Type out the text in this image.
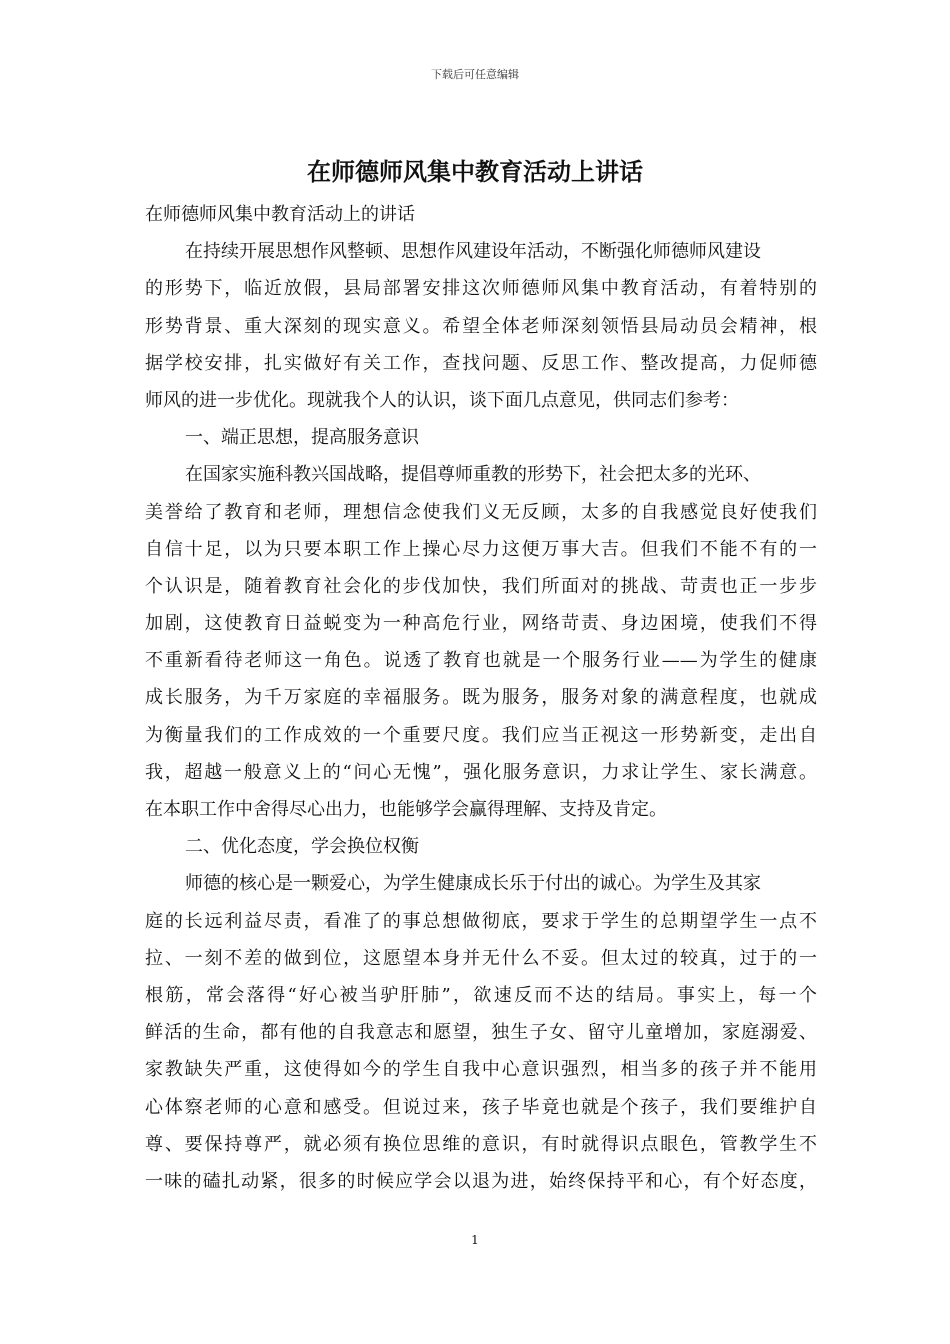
下载后可任意编辑
在师德师风集中教育活动上讲话
在师德师风集中教育活动上的讲话
在持续开展思想作风整顿、思想作风建设年活动，不断强化师德师风建设
的形势下，临近放假，县局部署安排这次师德师风集中教育活动，有着特别的
形势背景、重大深刻的现实意义。希望全体老师深刻领悟县局动员会精神，根
据学校安排，扎实做好有关工作，查找问题、反思工作、整改提高，力促师德
师风的进一步优化。现就我个人的认识，谈下面几点意见，供同志们参考：
一、端正思想，提高服务意识
在国家实施科教兴国战略，提倡尊师重教的形势下，社会把太多的光环、
美誉给了教育和老师，理想信念使我们义无反顾，太多的自我感觉良好使我们
自信十足，以为只要本职工作上操心尽力这便万事大吉。但我们不能不有的一
个认识是，随着教育社会化的步伐加快，我们所面对的挑战、苛责也正一步步
加剧，这使教育日益蜕变为一种高危行业，网络苛责、身边困境，使我们不得
不重新看待老师这一角色。说透了教育也就是一个服务行业——为学生的健康
成长服务，为千万家庭的幸福服务。既为服务，服务对象的满意程度，也就成
为衡量我们的工作成效的一个重要尺度。我们应当正视这一形势新变，走出自
我，超越一般意义上的“问心无愧”，强化服务意识，力求让学生、家长满意。
在本职工作中舍得尽心出力，也能够学会赢得理解、支持及肯定。
二、优化态度，学会换位权衡
师德的核心是一颗爱心，为学生健康成长乐于付出的诚心。为学生及其家
庭的长远利益尽责，看准了的事总想做彻底，要求于学生的总期望学生一点不
拉、一刻不差的做到位，这愿望本身并无什么不妥。但太过的较真，过于的一
根筋，常会落得“好心被当驴肝肺”，欲速反而不达的结局。事实上，每一个
鲜活的生命，都有他的自我意志和愿望，独生子女、留守儿童增加，家庭溺爱、
家教缺失严重，这使得如今的学生自我中心意识强烈，相当多的孩子并不能用
心体察老师的心意和感受。但说过来，孩子毕竟也就是个孩子，我们要维护自
尊、要保持尊严，就必须有换位思维的意识，有时就得识点眼色，管教学生不
一味的磕扎动紧，很多的时候应学会以退为进，始终保持平和心，有个好态度，
1
